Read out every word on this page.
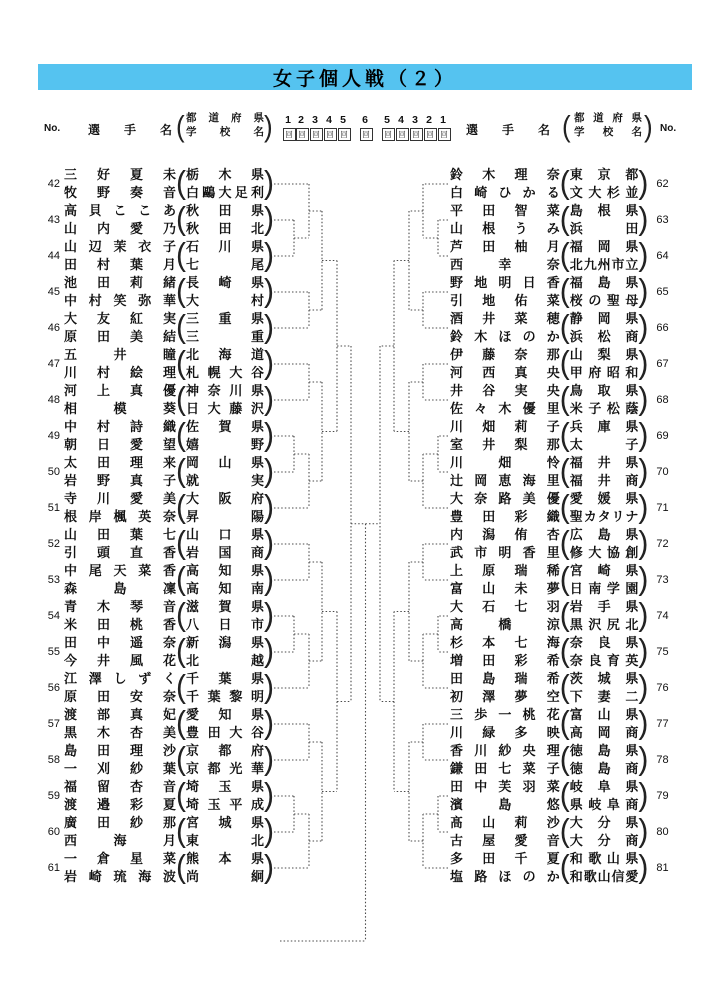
女子個人戦（２）
No. 選 手 名 ( 都 道 府 県
学 校 名 )	選 手 名 ( 都 道 府 県
学 校 名 ) No.
1
回
2
回
3
回
4
回
5
回
6
回
5
回
4
回
3
回
2
回
1
回
42
三 好 夏 未
牧 野 奏 音 ( 栃 木 県
白 鷗 大 足 利 )
43
高 貝 こ こ あ
山 内 愛 乃 ( 秋 田 県
秋 田 北 )
44
山 辺 茉 衣 子
田 村 葉 月 ( 石 川 県
七	尾 )
45
池 田 莉 緒
中 村 笑 弥 華 ( 長 崎 県
大	村 )
46
大 友 紅 実
原 田 美 結 ( 三 重 県
三	重 )
47
五	井	瞳
川 村 絵 理 ( 北 海 道
札 幌 大 谷 )
48
河 上 真 優
相	模	葵 ( 神 奈 川 県
日 大 藤 沢 )
49
中 村 詩 織
朝 日 愛 望 ( 佐 賀 県
嬉	野 )
50
太 田 理 来
岩 野 真 子 ( 岡 山 県
就	実 )
51
寺 川 愛 美
根 岸 楓 英 奈 ( 大 阪 府
昇	陽 )
52
山 田 葉 七
引 頭 直 香 ( 山 口 県
岩 国 商 )
53
中 尾 天 菜 香
森	島	凜 ( 高 知 県
高 知 南 )
54
青 木 琴 音
米 田 桃 香 ( 滋 賀 県
八 日 市 )
55
田 中 遥 奈
今 井 風 花 ( 新 潟 県
北	越 )
56
江 澤 し ず く
原 田 安 奈 ( 千 葉 県
千 葉 黎 明 )
57
渡 部 真 妃
黒 木 杏 美 ( 愛 知 県
豊 田 大 谷 )
58
島 田 理 沙
一 刈 紗 葉 ( 京 都 府
京 都 光 華 )
59
福 留 杏 音
渡 邉 彩 夏 ( 埼 玉 県
埼 玉 平 成 )
60
廣 田 紗 那
西	海	月 ( 宮 城 県
東	北 )
61
一 倉 星 菜
岩 崎 琉 海 波 ( 熊 本 県
尚	絅 )
62
鈴 木 理 奈
白 崎 ひ か る ( 東 京 都
文 大 杉 並 )
63
平 田 智 菜
山 根 う み ( 島 根 県
浜	田 )
64
芦 田 柚 月
西	幸	奈 ( 福 岡 県
北 九 州 市 立 )
65
野 地 明 日 香
引 地 佑 菜 ( 福 島 県
桜 の 聖 母 )
66
酒 井 菜 穂
鈴 木 ほ の か ( 静 岡 県
浜 松 商 )
67
伊 藤 奈 那
河 西 真 央 ( 山 梨 県
甲 府 昭 和 )
68
井 谷 実 央
佐 々 木 優 里 ( 鳥 取 県
米 子 松 蔭 )
69
川 畑 莉 子
室 井 梨 那 ( 兵 庫 県
太	子 )
70
川	畑	怜
辻 岡 恵 海 里 ( 福 井 県
福 井 商 )
71
大 奈 路 美 優
豊 田 彩 織 ( 愛 媛 県
聖 カ タ リ ナ )
72
内 潟 侑 杏
武 市 明 香 里 ( 広 島 県
修 大 協 創 )
73
上 原 瑞 稀
富 山 未 夢 ( 宮 崎 県
日 南 学 園 )
74
大 石 七 羽
高	橋	涼 ( 岩 手 県
黒 沢 尻 北 )
75
杉 本 七 海
増 田 彩 希 ( 奈 良 県
奈 良 育 英 )
76
田 島 瑞 希
初 澤 夢 空 ( 茨 城 県
下 妻 二 )
77
三 歩 一 桃 花
川 緑 多 映 ( 富 山 県
高 岡 商 )
78
香 川 紗 央 理
鎌 田 七 菜 子 ( 徳 島 県
徳 島 商 )
79
田 中 芙 羽 菜
濱	島	悠 ( 岐 阜 県
県 岐 阜 商 )
80
髙 山 莉 沙
古 屋 愛 音 ( 大 分 県
大 分 商 )
81
多 田 千 夏
塩 路 ほ の か ( 和 歌 山 県
和 歌 山 信 愛 )
